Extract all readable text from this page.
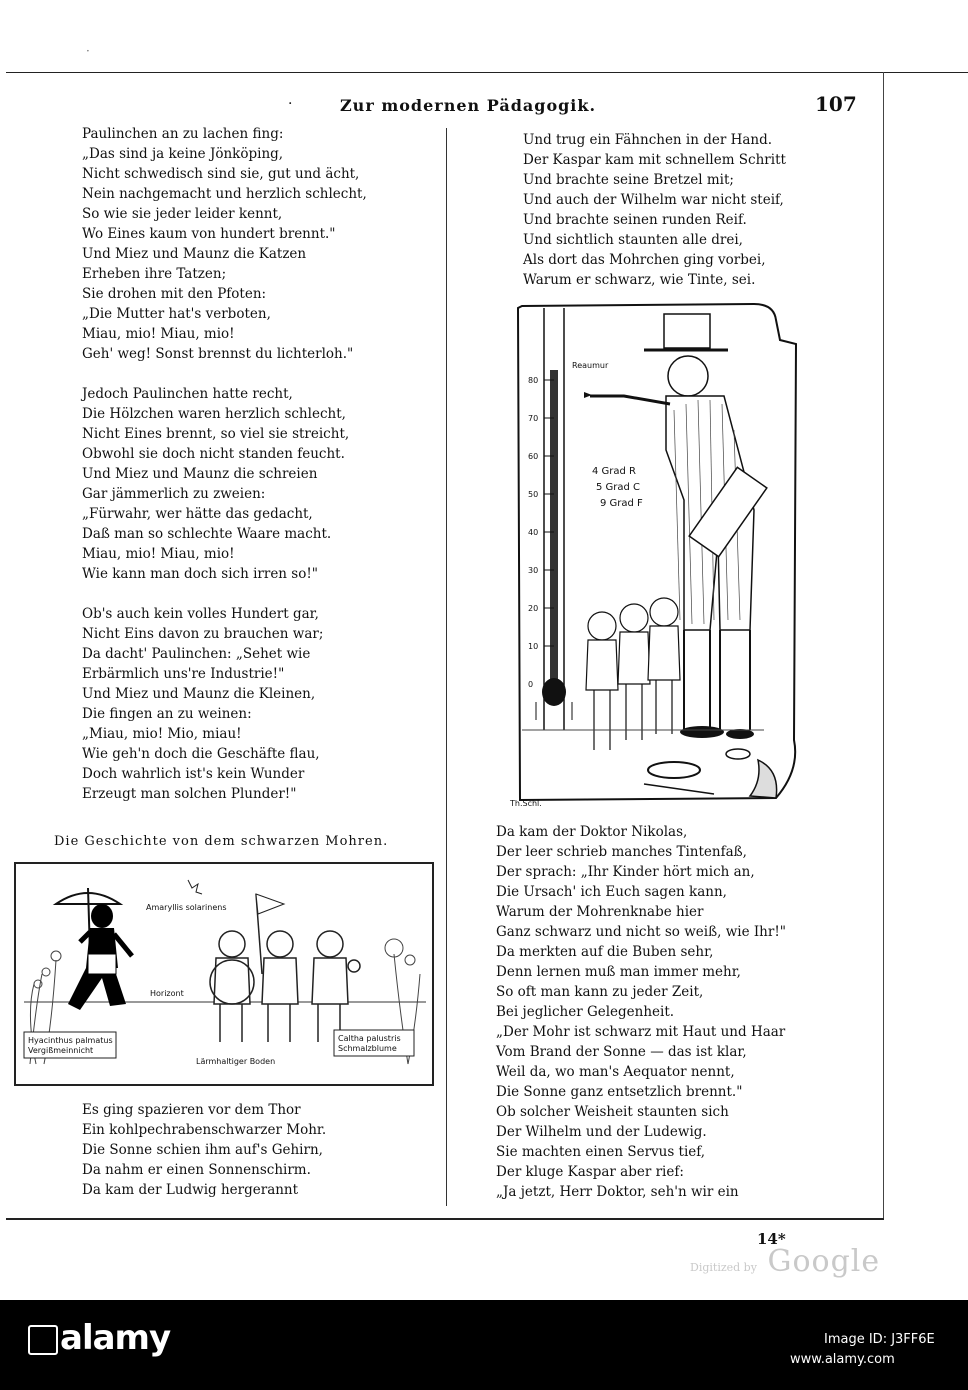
·
·	Zur modernen Pädagogik.	107

Paulinchen an zu lachen fing:

„Das sind ja keine Jönköping,

Nicht schwedisch sind sie, gut und ächt,

Nein nachgemacht und herzlich schlecht,

So wie sie jeder leider kennt,

Wo Eines kaum von hundert brennt."

Und Miez und Maunz die Katzen

Erheben ihre Tatzen;

Sie drohen mit den Pfoten:

„Die Mutter hat's verboten,

Miau, mio! Miau, mio!

Geh' weg! Sonst brennst du lichterloh."

Jedoch Paulinchen hatte recht,

Die Hölzchen waren herzlich schlecht,

Nicht Eines brennt, so viel sie streicht,

Obwohl sie doch nicht standen feucht.

Und Miez und Maunz die schreien

Gar jämmerlich zu zweien:

„Fürwahr, wer hätte das gedacht,

Daß man so schlechte Waare macht.

Miau, mio! Miau, mio!

Wie kann man doch sich irren so!"

Ob's auch kein volles Hundert gar,

Nicht Eins davon zu brauchen war;

Da dacht' Paulinchen: „Sehet wie

Erbärmlich uns're Industrie!"

Und Miez und Maunz die Kleinen,

Die fingen an zu weinen:

„Miau, mio! Mio, miau!

Wie geh'n doch die Geschäfte flau,

Doch wahrlich ist's kein Wunder

Erzeugt man solchen Plunder!"

Die Geschichte von dem schwarzen Mohren.
Amaryllis solarinens
Horizont
Lärmhaltiger Boden
Hyacinthus palmatus
Vergißmeinnicht
Caltha palustris
Schmalzblume

Es ging spazieren vor dem Thor

Ein kohlpechrabenschwarzer Mohr.

Die Sonne schien ihm auf's Gehirn,

Da nahm er einen Sonnenschirm.

Da kam der Ludwig hergerannt

Und trug ein Fähnchen in der Hand.

Der Kaspar kam mit schnellem Schritt

Und brachte seine Bretzel mit;

Und auch der Wilhelm war nicht steif,

Und brachte seinen runden Reif.

Und sichtlich staunten alle drei,

Als dort das Mohrchen ging vorbei,

Warum er schwarz, wie Tinte, sei.

80
70
60
50
40
30
20
10
0
Reaumur
4 Grad R
5 Grad C
9 Grad F
Th.Schl.

Da kam der Doktor Nikolas,

Der leer schrieb manches Tintenfaß,

Der sprach: „Ihr Kinder hört mich an,

Die Ursach' ich Euch sagen kann,

Warum der Mohrenknabe hier

Ganz schwarz und nicht so weiß, wie Ihr!"

Da merkten auf die Buben sehr,

Denn lernen muß man immer mehr,

So oft man kann zu jeder Zeit,

Bei jeglicher Gelegenheit.

„Der Mohr ist schwarz mit Haut und Haar

Vom Brand der Sonne — das ist klar,

Weil da, wo man's Aequator nennt,

Die Sonne ganz entsetzlich brennt."

Ob solcher Weisheit staunten sich

Der Wilhelm und der Ludewig.

Sie machten einen Servus tief,

Der kluge Kaspar aber rief:

„Ja jetzt, Herr Doktor, seh'n wir ein

14*
Digitized by Google
alamy	Image ID: J3FF6E
www.alamy.com
